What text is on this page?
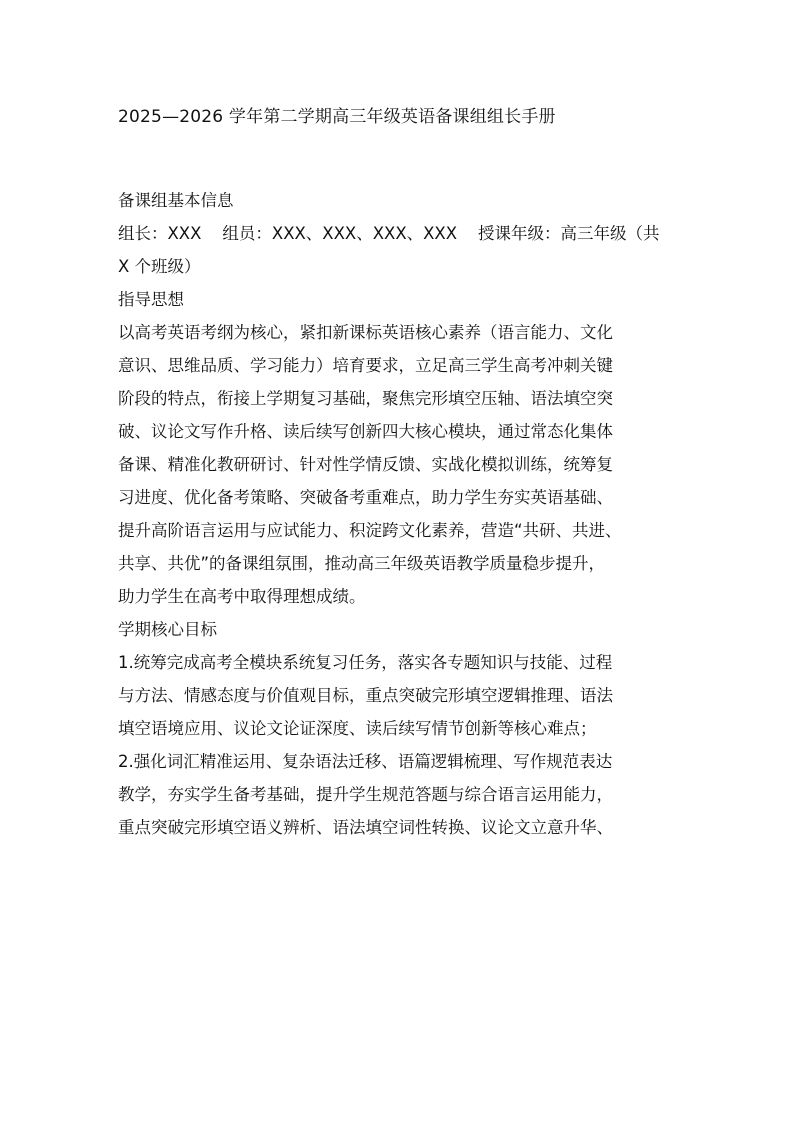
2025—2026 学年第二学期高三年级英语备课组组长手册
备课组基本信息
组长：XXX    组员：XXX、XXX、XXX、XXX    授课年级：高三年级（共
X 个班级）
指导思想
以高考英语考纲为核心，紧扣新课标英语核心素养（语言能力、文化
意识、思维品质、学习能力）培育要求，立足高三学生高考冲刺关键
阶段的特点，衔接上学期复习基础，聚焦完形填空压轴、语法填空突
破、议论文写作升格、读后续写创新四大核心模块，通过常态化集体
备课、精准化教研研讨、针对性学情反馈、实战化模拟训练，统筹复
习进度、优化备考策略、突破备考重难点，助力学生夯实英语基础、
提升高阶语言运用与应试能力、积淀跨文化素养，营造“共研、共进、
共享、共优”的备课组氛围，推动高三年级英语教学质量稳步提升，
助力学生在高考中取得理想成绩。
学期核心目标
1.统筹完成高考全模块系统复习任务，落实各专题知识与技能、过程
与方法、情感态度与价值观目标，重点突破完形填空逻辑推理、语法
填空语境应用、议论文论证深度、读后续写情节创新等核心难点；
2.强化词汇精准运用、复杂语法迁移、语篇逻辑梳理、写作规范表达
教学，夯实学生备考基础，提升学生规范答题与综合语言运用能力，
重点突破完形填空语义辨析、语法填空词性转换、议论文立意升华、
